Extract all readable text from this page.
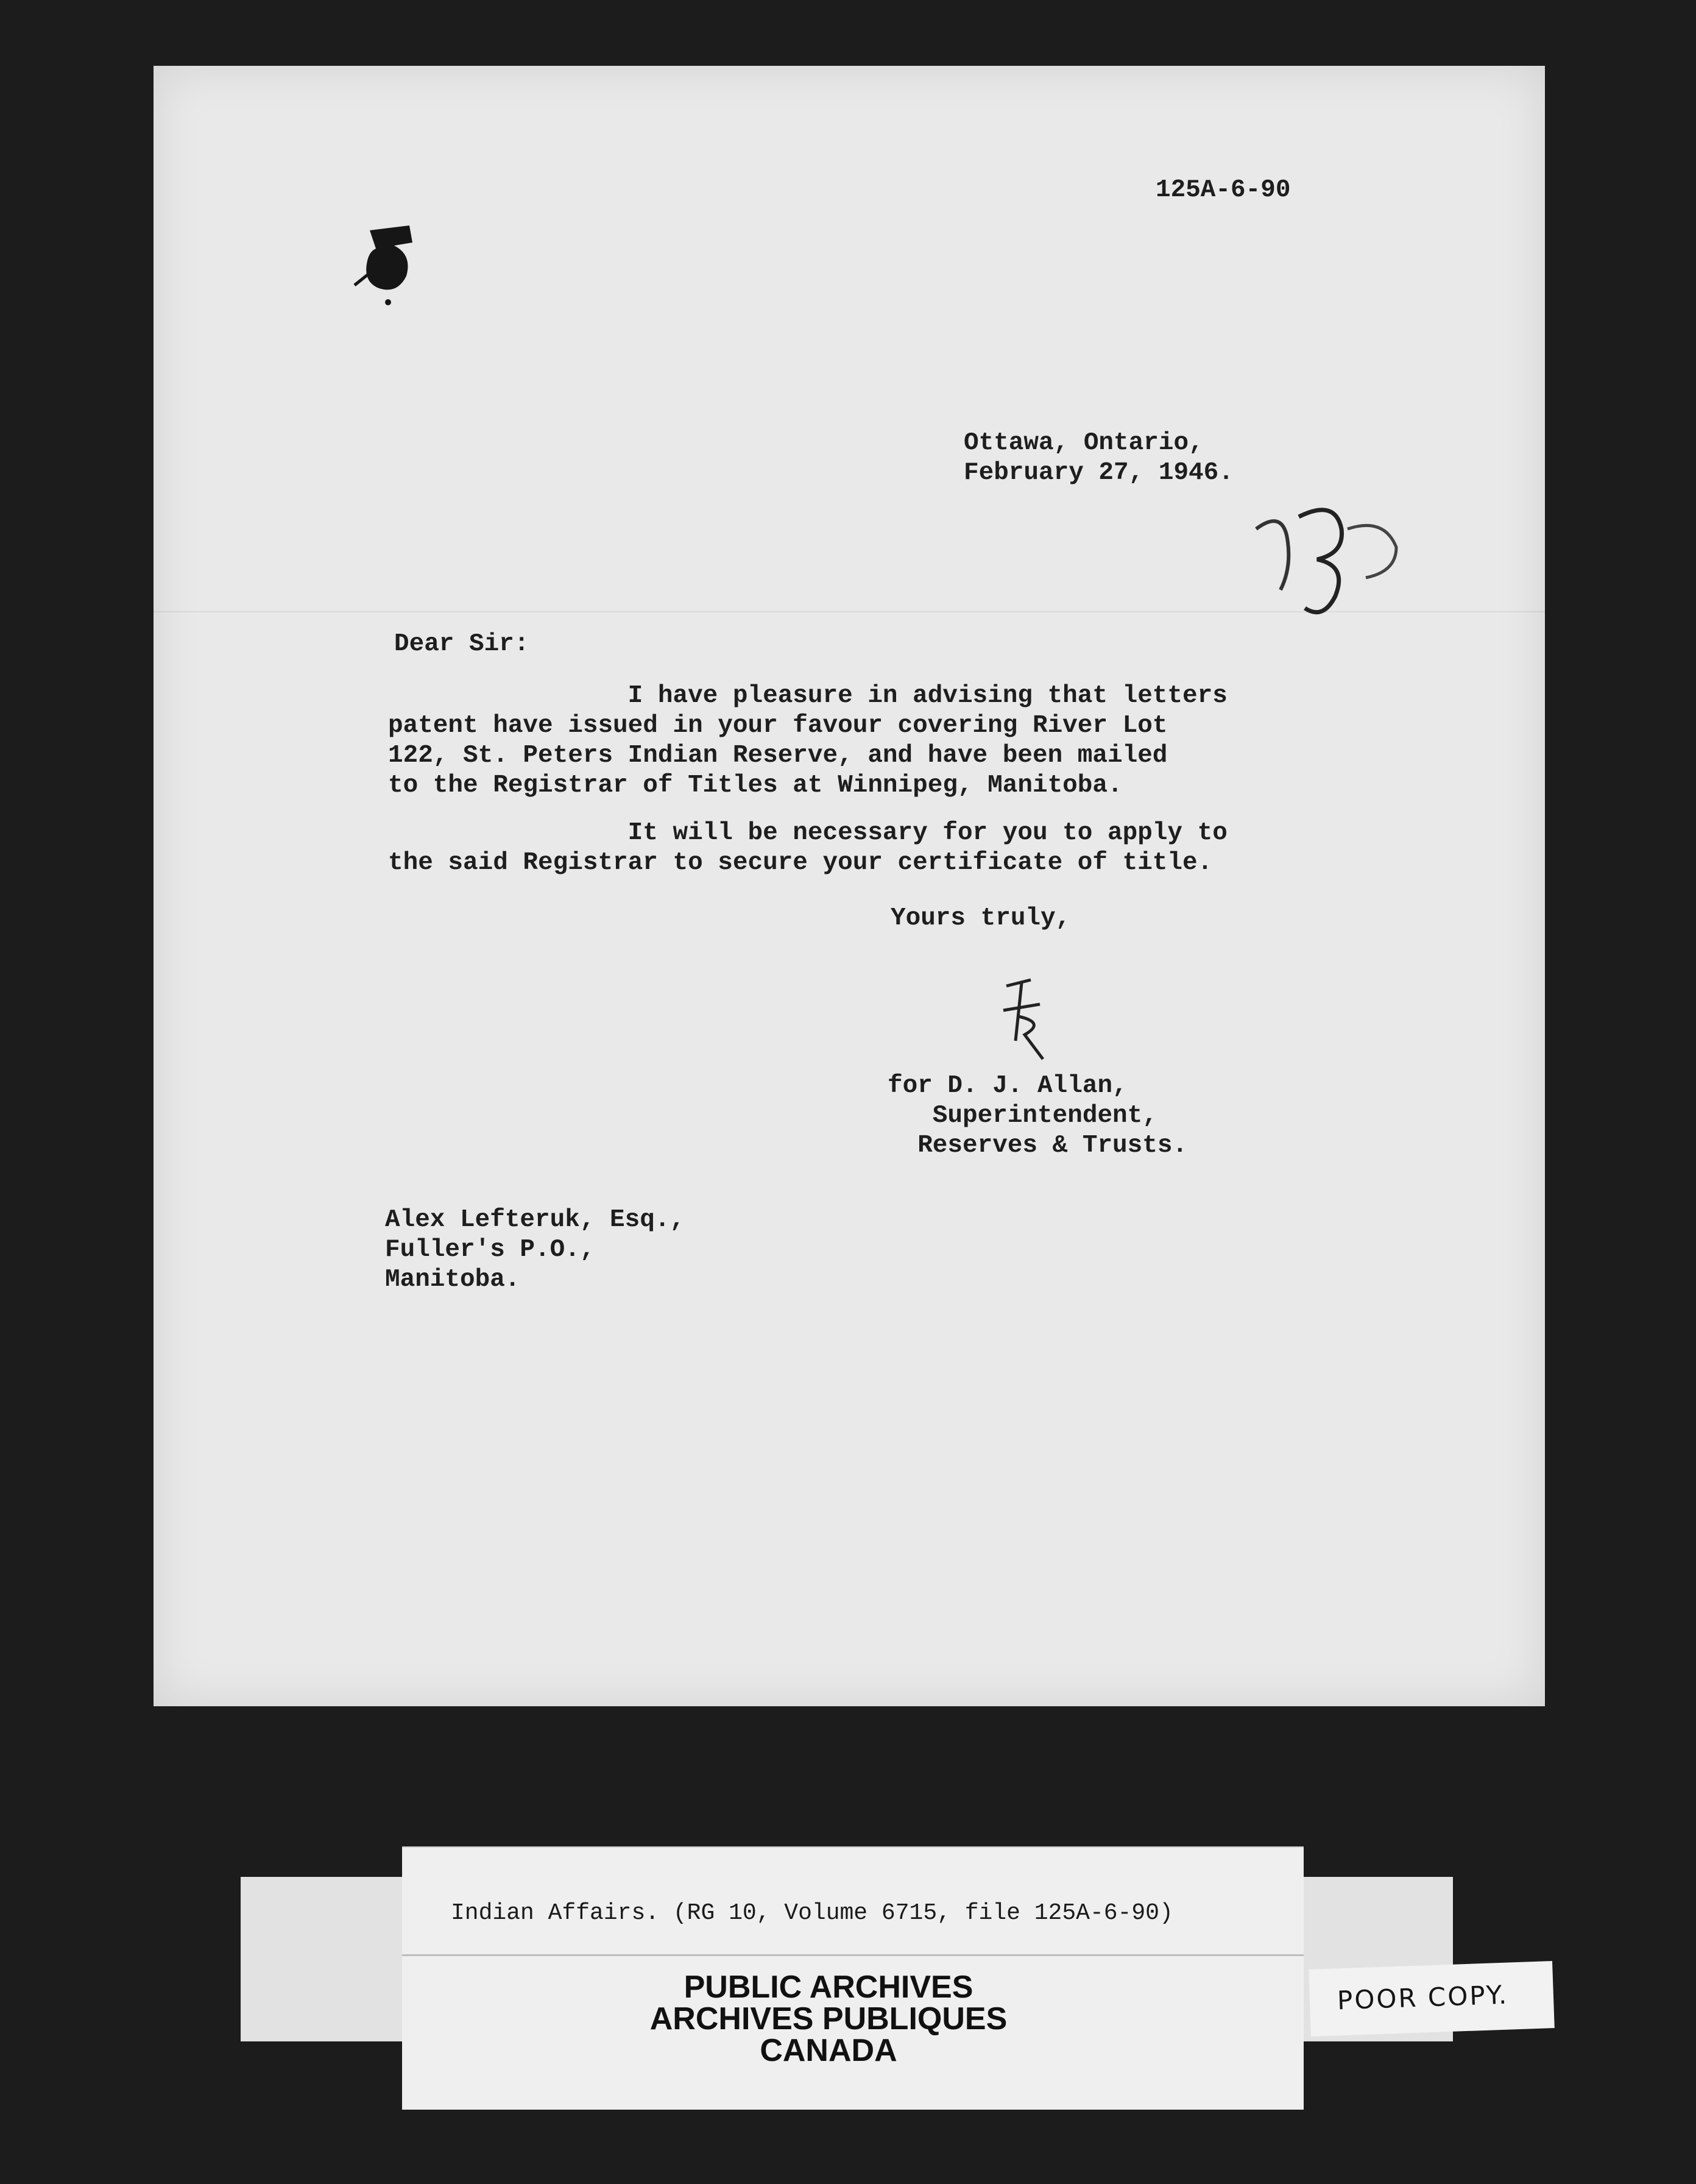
125A-6-90

Ottawa, Ontario,
February 27, 1946.

Dear Sir:

I have pleasure in advising that letters
patent have issued in your favour covering River Lot
122, St. Peters Indian Reserve, and have been mailed
to the Registrar of Titles at Winnipeg, Manitoba.

It will be necessary for you to apply to
the said Registrar to secure your certificate of title.

Yours truly,

for D. J. Allan,
Superintendent,
Reserves & Trusts.
Alex Lefteruk, Esq.,
Fuller's P.O.,
Manitoba.

Indian Affairs. (RG 10, Volume 6715, file 125A-6-90)

PUBLIC ARCHIVES
ARCHIVES PUBLIQUES
CANADA
POOR COPY.
